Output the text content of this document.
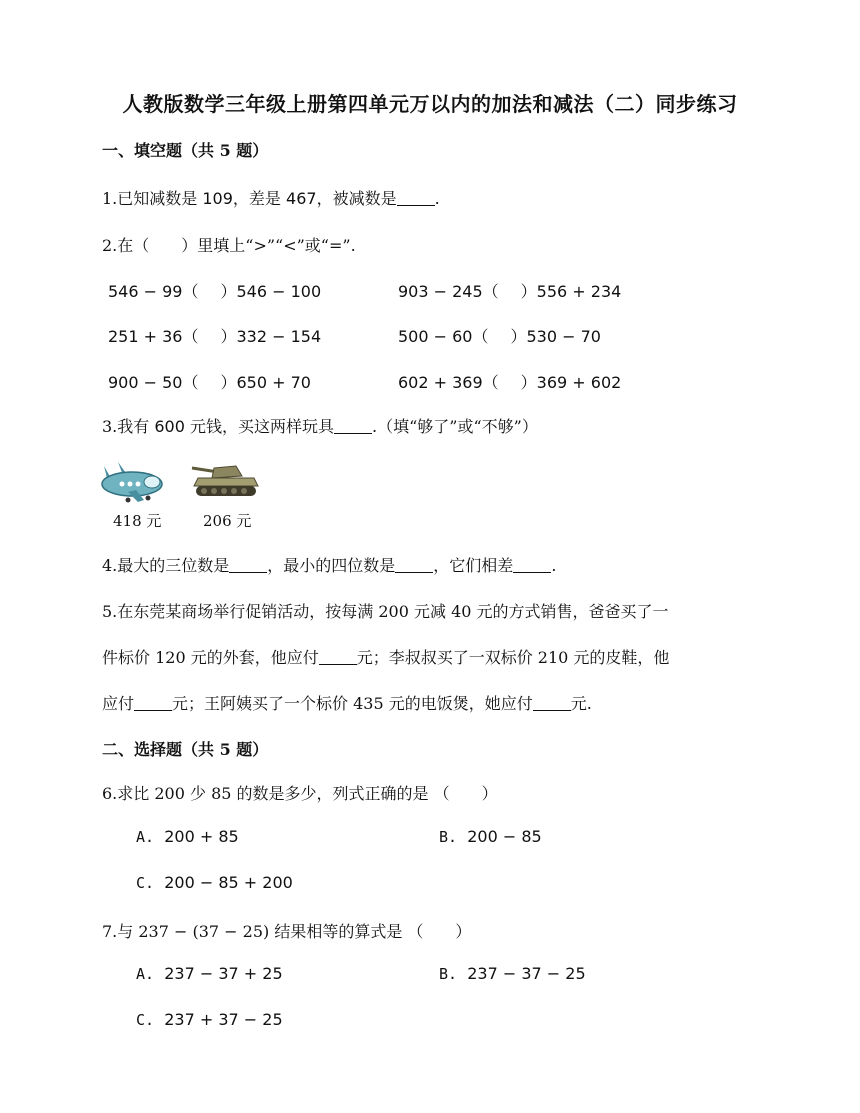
人教版数学三年级上册第四单元万以内的加法和减法（二）同步练习
一、填空题（共 5 题）
1.已知减数是 109，差是 467，被减数是 .
2.在（　　）里填上“>”“<”或“=”.
546 − 99（ ）546 − 100	903 − 245（ ）556 + 234
251 + 36（ ）332 − 154	500 − 60（ ）530 − 70
900 − 50（ ）650 + 70	602 + 369（ ）369 + 602
3.我有 600 元钱，买这两样玩具 .（填“够了”或“不够”）
418 元	206 元
4.最大的三位数是 ，最小的四位数是 ，它们相差 .
5.在东莞某商场举行促销活动，按每满 200 元减 40 元的方式销售，爸爸买了一
件标价 120 元的外套，他应付 元；李叔叔买了一双标价 210 元的皮鞋，他
应付 元；王阿姨买了一个标价 435 元的电饭煲，她应付 元.
二、选择题（共 5 题）
6.求比 200 少 85 的数是多少，列式正确的是 （　　）
A. 200 + 85	B. 200 − 85
C. 200 − 85 + 200
7.与 237 − (37 − 25) 结果相等的算式是 （　　）
A. 237 − 37 + 25	B. 237 − 37 − 25
C. 237 + 37 − 25
